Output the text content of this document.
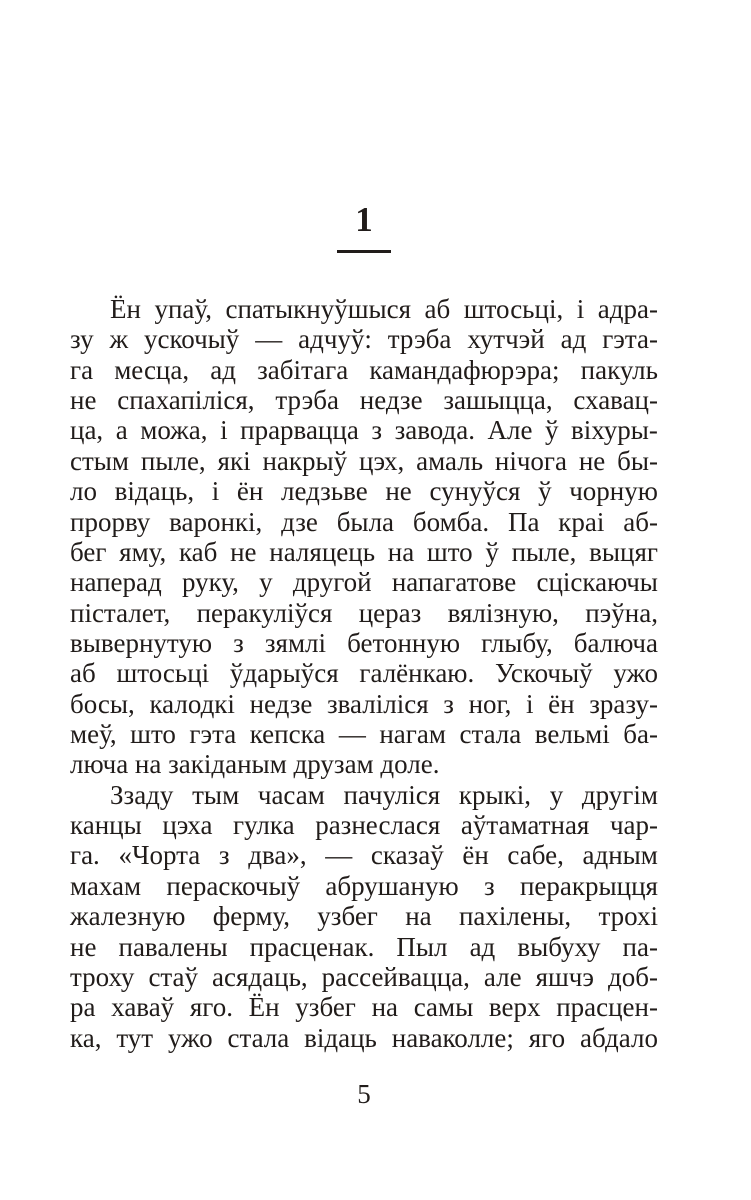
1
Ён упаў, спатыкнуўшыся аб штосьці, і адра-
зу ж ускочыў — адчуў: трэба хутчэй ад гэта-
га месца, ад забітага камандафюрэра; пакуль
не спахапіліся, трэба недзе зашыцца, схавац-
ца, а можа, і прарвацца з завода. Але ў віхуры-
стым пыле, які накрыў цэх, амаль нічога не бы-
ло відаць, і ён ледзьве не сунуўся ў чорную
прорву варонкі, дзе была бомба. Па краі аб-
бег яму, каб не наляцець на што ў пыле, выцяг
наперад руку, у другой напагатове сціскаючы
пісталет, перакуліўся цераз вялізную, пэўна,
вывернутую з зямлі бетонную глыбу, балюча
аб штосьці ўдарыўся галёнкаю. Ускочыў ужо
босы, калодкі недзе зваліліся з ног, і ён зразу-
меў, што гэта кепска — нагам стала вельмі ба-
люча на закіданым друзам доле.
Ззаду тым часам пачуліся крыкі, у другім
канцы цэха гулка разнеслася аўтаматная чар-
га. «Чорта з два», — сказаў ён сабе, адным
махам пераскочыў абрушаную з перакрыцця
жалезную ферму, узбег на пахілены, трохі
не павалены прасценак. Пыл ад выбуху па-
троху стаў асядаць, рассейвацца, але яшчэ доб-
ра хаваў яго. Ён узбег на самы верх прасцен-
ка, тут ужо стала відаць наваколле; яго абдало
5
